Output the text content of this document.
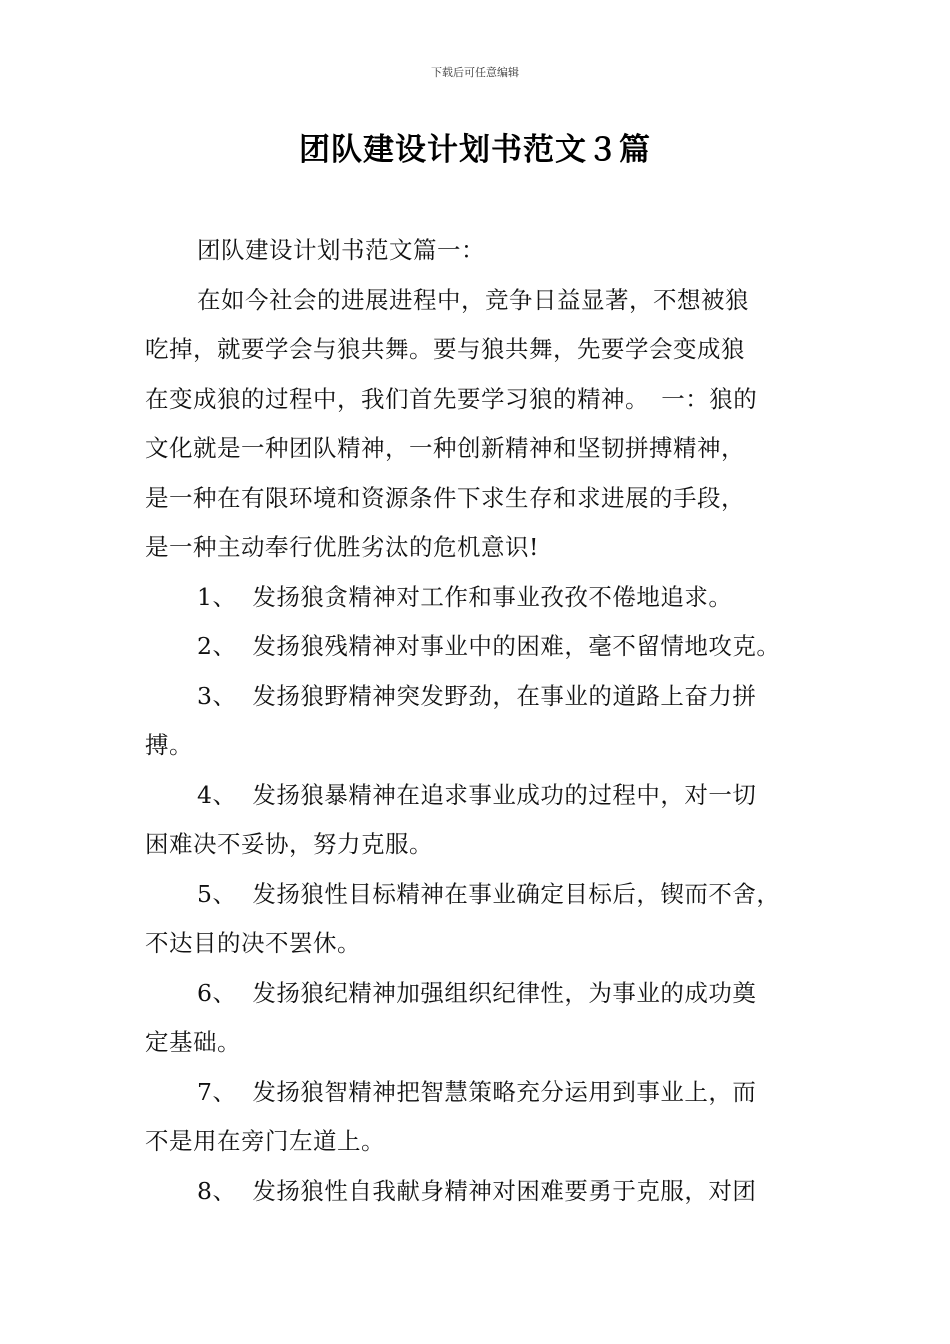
下载后可任意编辑
团队建设计划书范文３篇
团队建设计划书范文篇一：
在如今社会的进展进程中，竞争日益显著，不想被狼
吃掉，就要学会与狼共舞。要与狼共舞，先要学会变成狼
在变成狼的过程中，我们首先要学习狼的精神。　一：狼的
文化就是一种团队精神，一种创新精神和坚韧拼搏精神，
是一种在有限环境和资源条件下求生存和求进展的手段，
是一种主动奉行优胜劣汰的危机意识!
1、 发扬狼贪精神对工作和事业孜孜不倦地追求。
2、 发扬狼残精神对事业中的困难，毫不留情地攻克。
3、 发扬狼野精神突发野劲，在事业的道路上奋力拼
搏。
4、 发扬狼暴精神在追求事业成功的过程中，对一切
困难决不妥协，努力克服。
5、 发扬狼性目标精神在事业确定目标后，锲而不舍，
不达目的决不罢休。
6、 发扬狼纪精神加强组织纪律性，为事业的成功奠
定基础。
7、 发扬狼智精神把智慧策略充分运用到事业上，而
不是用在旁门左道上。
8、 发扬狼性自我献身精神对困难要勇于克服，对团
